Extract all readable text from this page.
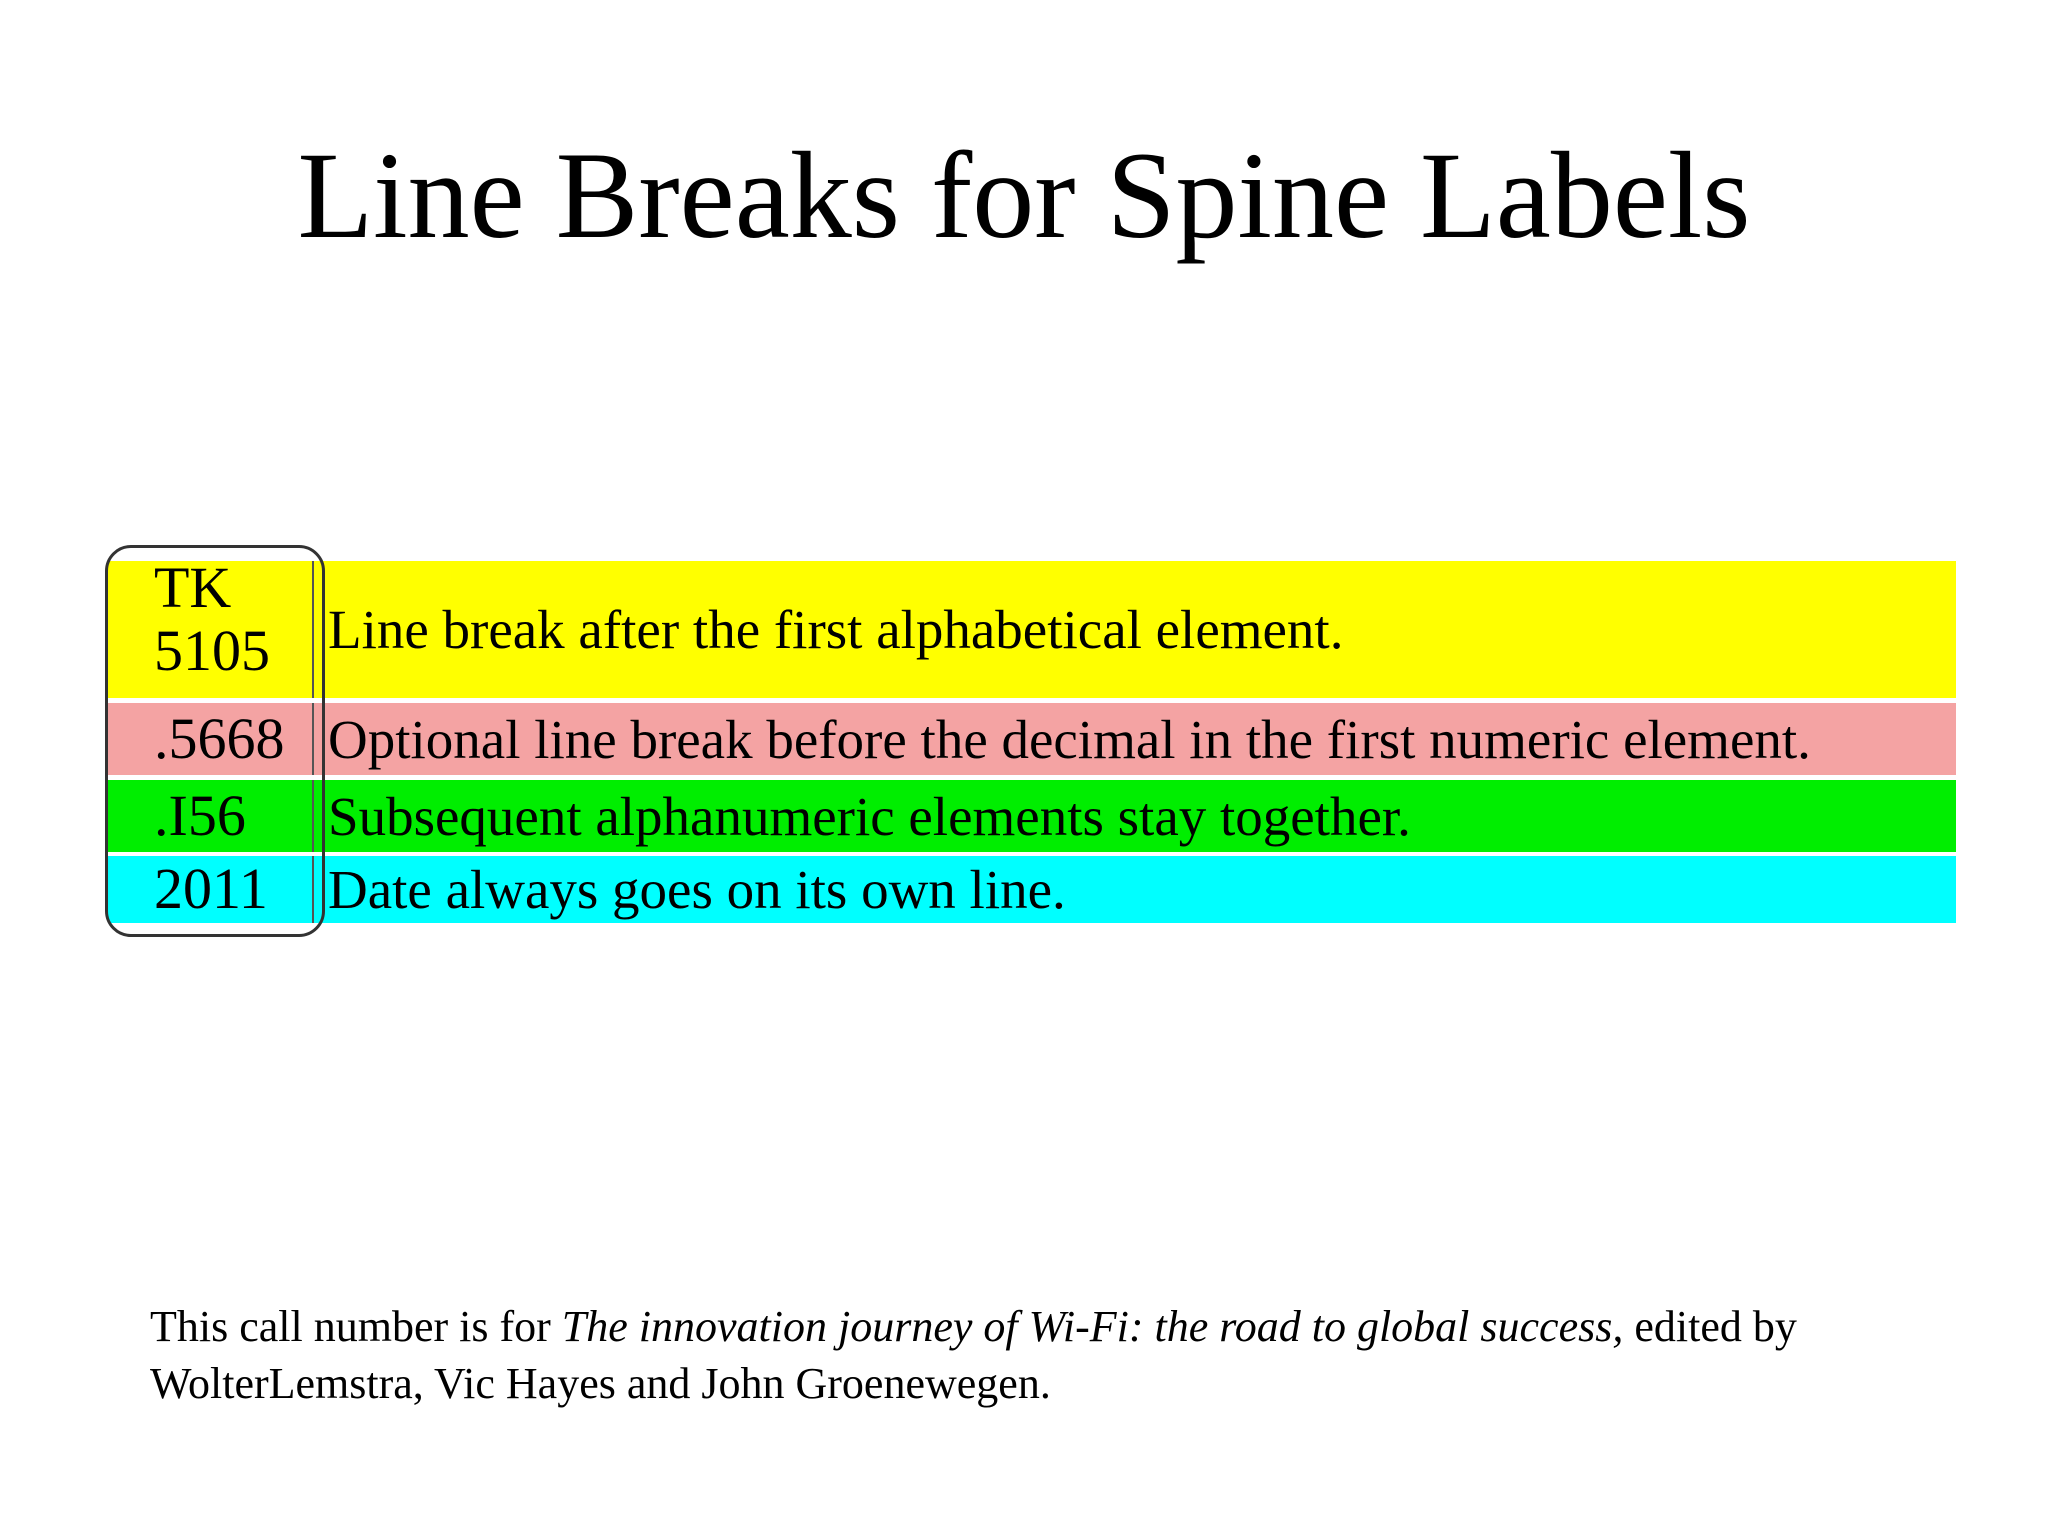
Line Breaks for Spine Labels
TK
5105	Line break after the first alphabetical element.
.5668 Optional line break before the decimal in the first numeric element.
.I56	Subsequent alphanumeric elements stay together.
2011	Date always goes on its own line.

This call number is for The innovation journey of Wi-Fi: the road to global success, edited by WolterLemstra, Vic Hayes and John Groenewegen.
